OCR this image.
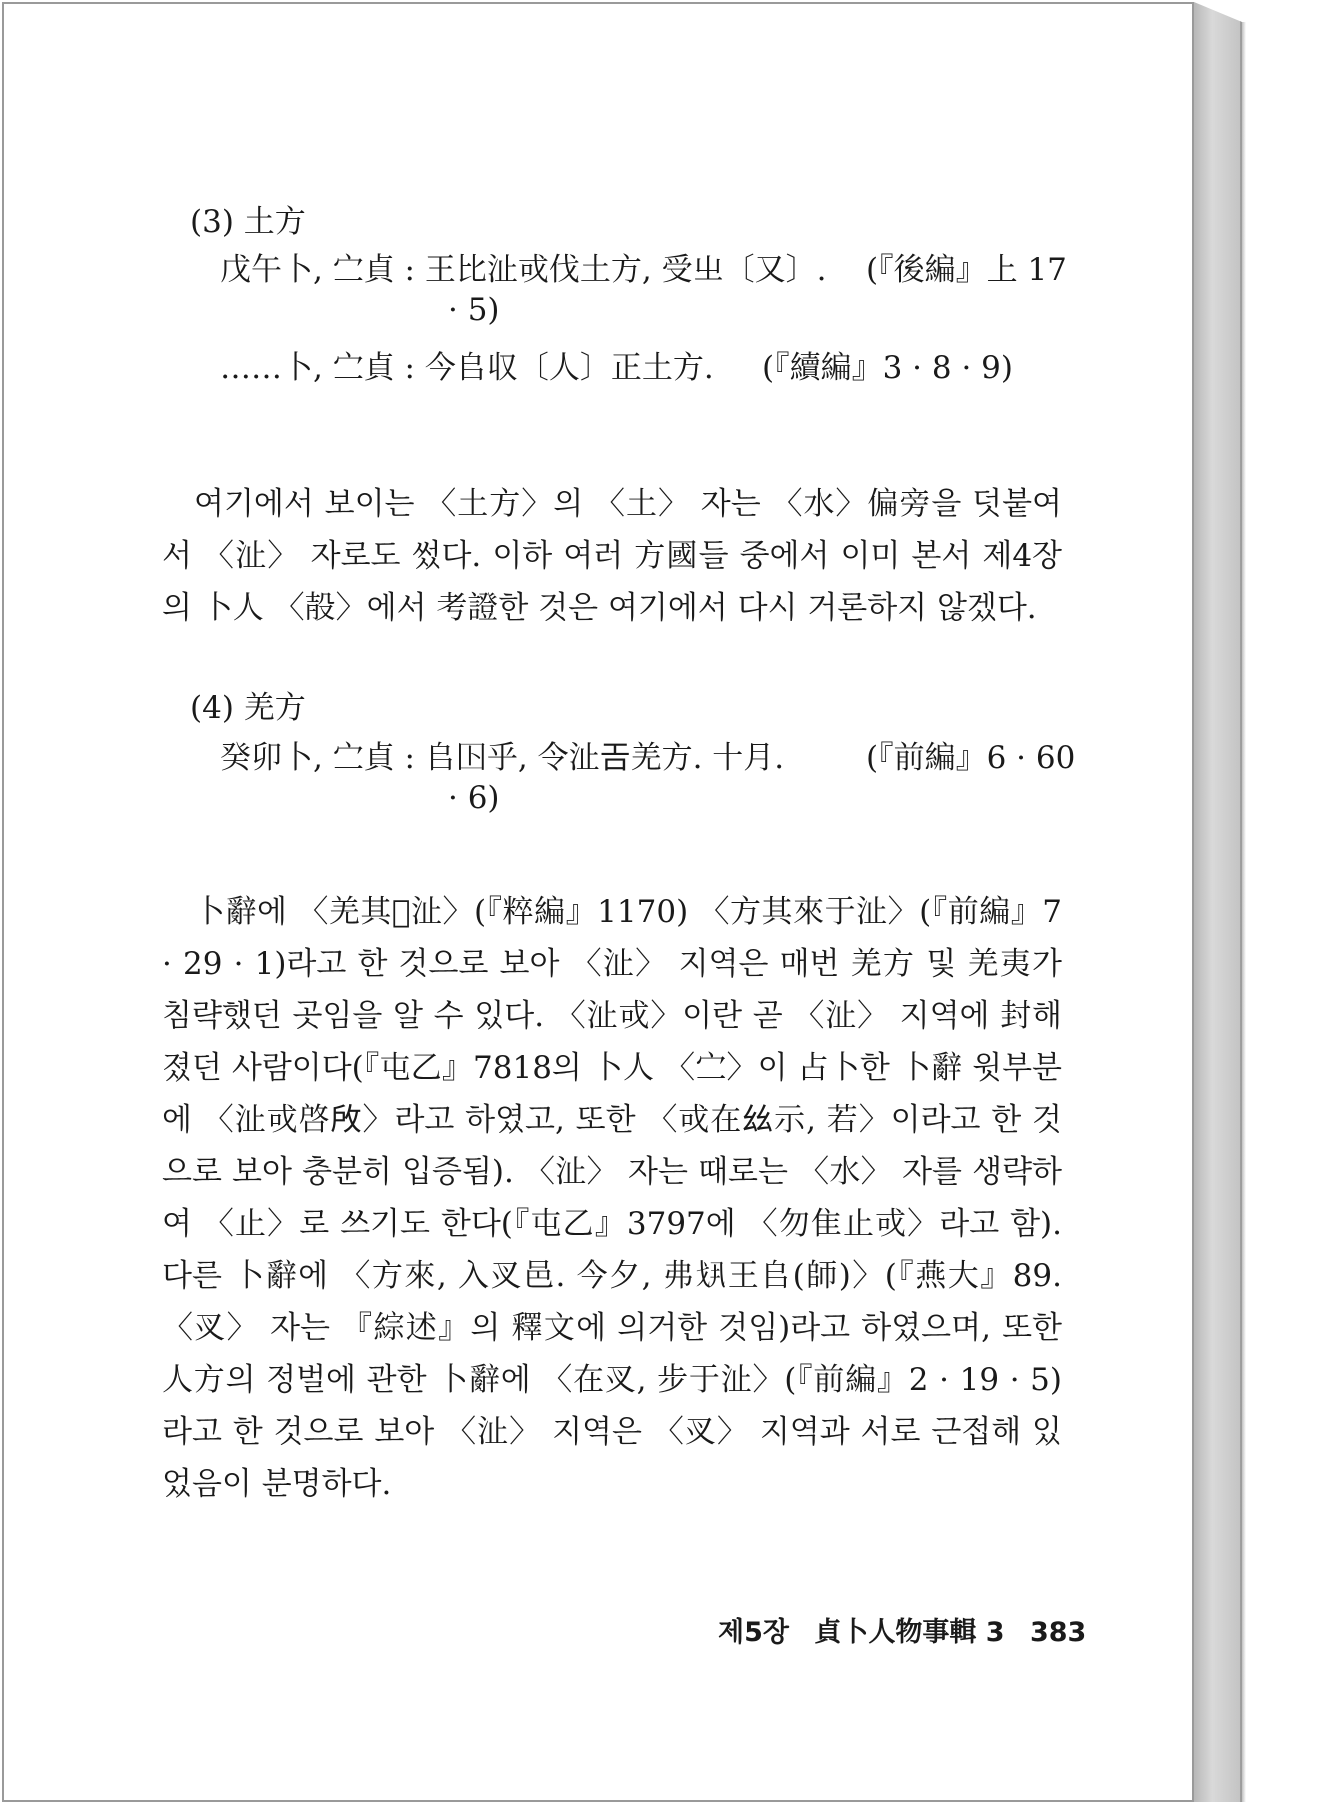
(3) 土方
戊午卜, 㝉貞 : 王比沚戓伐土方, 受㞢〔又〕. (『後編』上 17
· 5)
……卜, 㝉貞 : 今𠂤収〔人〕正土方. (『續編』3 · 8 · 9)
여기에서 보이는 〈土方〉의 〈土〉 자는 〈水〉偏旁을 덧붙여서 〈沚〉 자로도 썼다. 이하 여러 方國들 중에서 이미 본서 제4장의 卜人 〈㱿〉에서 考證한 것은 여기에서 다시 거론하지 않겠다.
(4) 羌方
癸卯卜, 㝉貞 : 𠂤𡆥乎, 令沚𢀛羌方. 十月.	(『前編』6 · 60
· 6)
卜辭에 〈羌其𡧊沚〉(『粹編』1170) 〈方其來于沚〉(『前編』7 · 29 · 1)라고 한 것으로 보아 〈沚〉 지역은 매번 羌方 및 羌夷가 침략했던 곳임을 알 수 있다. 〈沚戓〉이란 곧 〈沚〉 지역에 封해졌던 사람이다(『屯乙』7818의 卜人 〈㝉〉이 占卜한 卜辭 윗부분에 〈沚戓啓𢼄〉라고 하였고, 또한 〈戓在𢆶示, 若〉이라고 한 것으로 보아 충분히 입증됨). 〈沚〉 자는 때로는 〈水〉 자를 생략하여 〈止〉로 쓰기도 한다(『屯乙』3797에 〈勿隹止戓〉라고 함). 다른 卜辭에 〈方來, 入㕚邑. 今夕, 弗𢦚王𠂤(師)〉(『燕大』89. 〈㕚〉 자는 『綜述』의 釋文에 의거한 것임)라고 하였으며, 또한 人方의 정벌에 관한 卜辭에 〈在㕚, 步于沚〉(『前編』2 · 19 · 5)라고 한 것으로 보아 〈沚〉 지역은 〈㕚〉 지역과 서로 근접해 있었음이 분명하다.
제5장 貞卜人物事輯 3 383
